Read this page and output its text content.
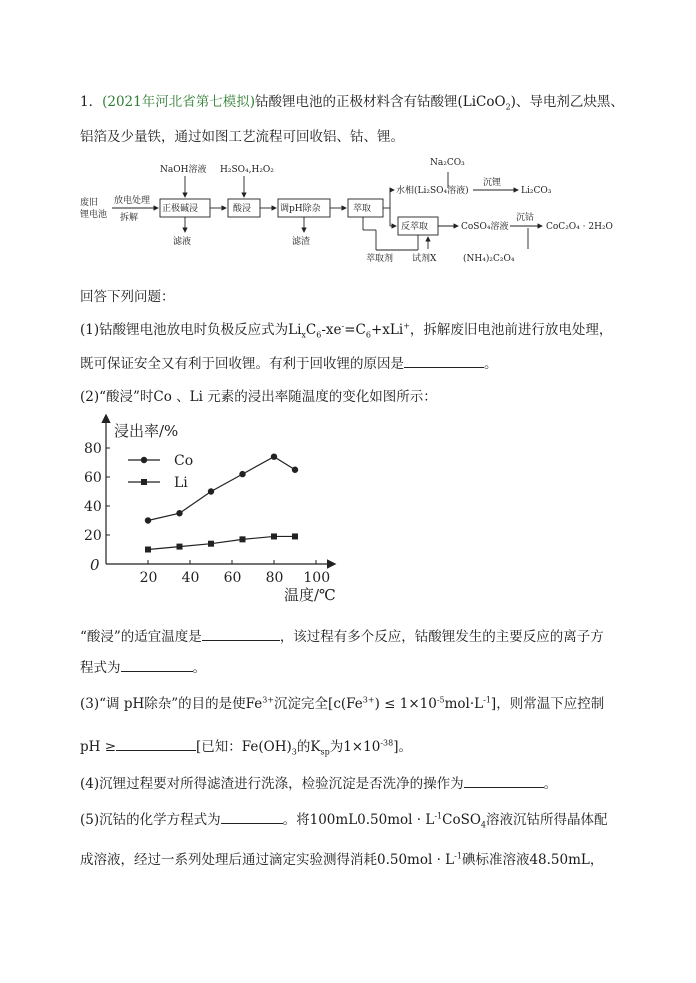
1．(2021年河北省第七模拟)钴酸锂电池的正极材料含有钴酸锂(LiCoO$_2$)、导电剂乙炔黑、
铝箔及少量铁，通过如图工艺流程可回收铝、钴、锂。
废旧
锂电池
放电处理
拆解
正极碱浸
NaOH溶液
滤液
酸浸
H₂SO₄,H₂O₂
调pH除杂
滤渣
萃取
水相(Li₂SO₄溶液)
Na₂CO₃
沉锂
Li₂CO₃
反萃取	CoSO₄溶液
沉钴
CoC₂O₄ · 2H₂O
萃取剂 试剂X	(NH₄)₂C₂O₄
回答下列问题：
(1)钴酸锂电池放电时负极反应式为$Li_xC_6-xe^-=C_6+xLi^+$，拆解废旧电池前进行放电处理，
既可保证安全又有利于回收锂。有利于回收锂的原因是	。
(2)“酸浸”时Co 、Li 元素的浸出率随温度的变化如图所示：
浸出率/%
温度/℃
0
20
40
60
80
20 40 60 80 100
Co
Li
“酸浸”的适宜温度是	，该过程有多个反应，钴酸锂发生的主要反应的离子方
程式为	。
(3)“调 pH除杂”的目的是使$Fe^{3+}$沉淀完全$[c(Fe^{3+}) \le 1\times 10^{-5}mol\cdot L^{-1}]$，则常温下应控制
pH ≥	[已知：$Fe(OH)_3$的$K_{sp}$为$1\times 10^{-38}$]。
(4)沉锂过程要对所得滤渣进行洗涤，检验沉淀是否洗净的操作为	。
(5)沉钴的化学方程式为	。将$100mL0.50mol \cdot L^{-1}CoSO_4$溶液沉钴所得晶体配
成溶液，经过一系列处理后通过滴定实验测得消耗$0.50mol \cdot L^{-1}$碘标准溶液48.50mL，
